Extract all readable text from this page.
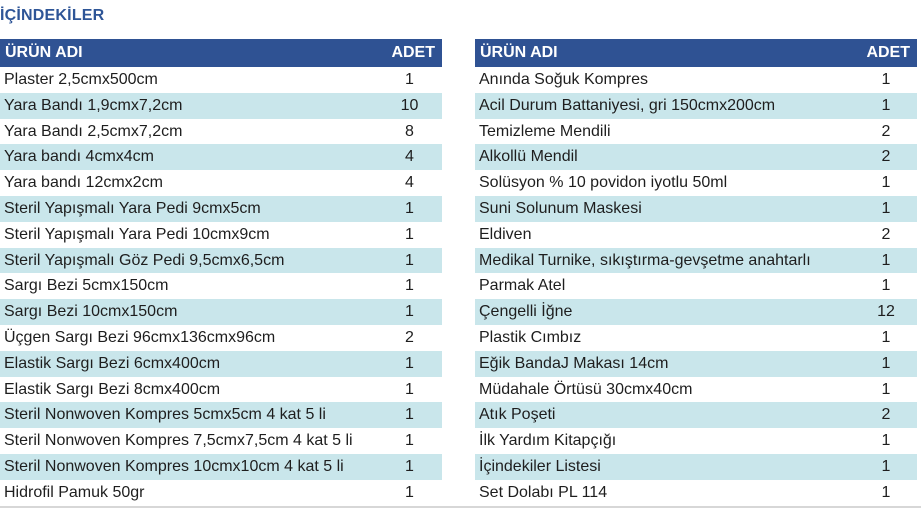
İÇİNDEKİLER
ÜRÜN ADI	ADET
Plaster 2,5cmx500cm	1
Yara Bandı 1,9cmx7,2cm	10
Yara Bandı 2,5cmx7,2cm	8
Yara bandı 4cmx4cm	4
Yara bandı 12cmx2cm	4
Steril Yapışmalı Yara Pedi 9cmx5cm	1
Steril Yapışmalı Yara Pedi 10cmx9cm	1
Steril Yapışmalı Göz Pedi 9,5cmx6,5cm	1
Sargı Bezi 5cmx150cm	1
Sargı Bezi 10cmx150cm	1
Üçgen Sargı Bezi 96cmx136cmx96cm	2
Elastik Sargı Bezi 6cmx400cm	1
Elastik Sargı Bezi 8cmx400cm	1
Steril Nonwoven Kompres 5cmx5cm 4 kat 5 li	1
Steril Nonwoven Kompres 7,5cmx7,5cm 4 kat 5 li	1
Steril Nonwoven Kompres 10cmx10cm 4 kat 5 li	1
Hidrofil Pamuk 50gr	1
ÜRÜN ADI	ADET
Anında Soğuk Kompres	1
Acil Durum Battaniyesi, gri 150cmx200cm	1
Temizleme Mendili	2
Alkollü Mendil	2
Solüsyon % 10 povidon iyotlu 50ml	1
Suni Solunum Maskesi	1
Eldiven	2
Medikal Turnike, sıkıştırma-gevşetme anahtarlı	1
Parmak Atel	1
Çengelli İğne	12
Plastik Cımbız	1
Eğik BandaJ Makası 14cm	1
Müdahale Örtüsü 30cmx40cm	1
Atık Poşeti	2
İlk Yardım Kitapçığı	1
İçindekiler Listesi	1
Set Dolabı PL 114	1
